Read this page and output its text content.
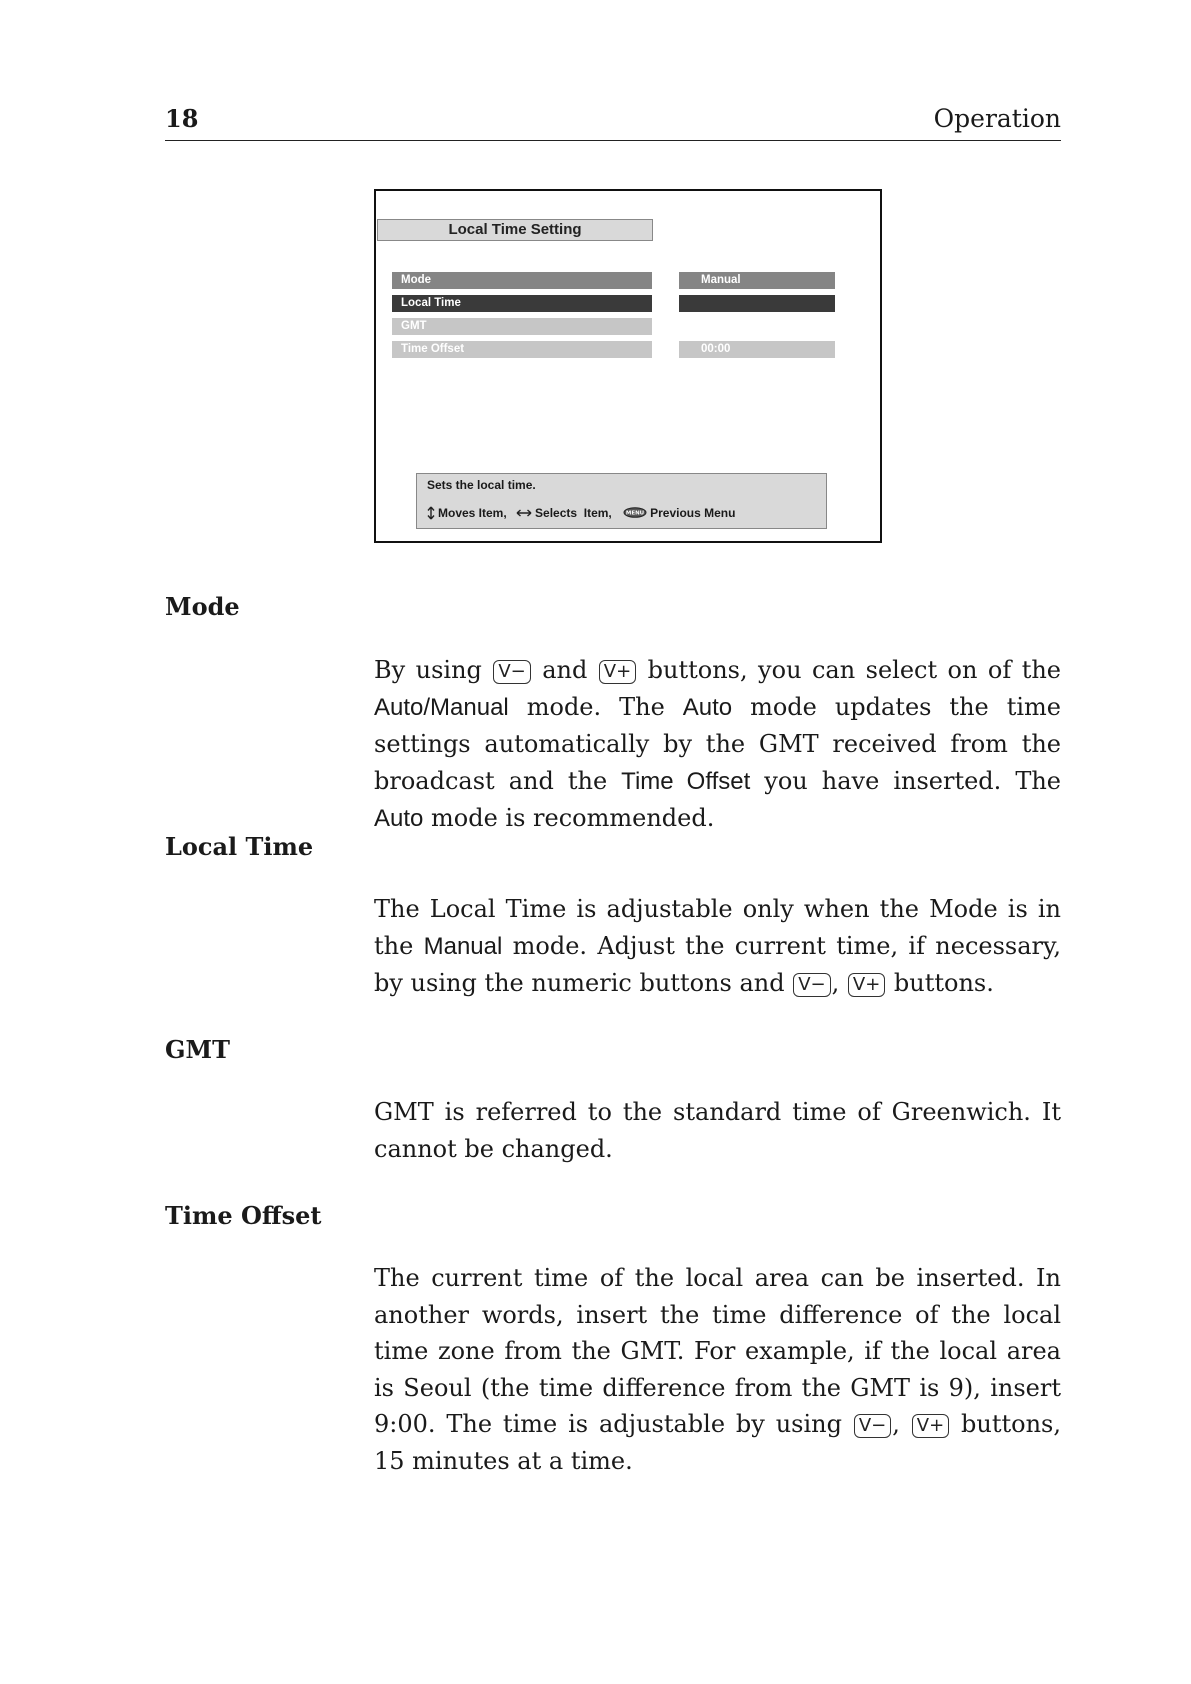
18	Operation
Local Time Setting
Mode
Local Time
GMT
Time Offset
Manual

01/01/2004  03:39

00:00
Sets the local time.
Moves Item, Selects  Item,	MENU Previous Menu
Mode

By using V− and V+ buttons, you can select on of the Auto/Manual mode. The Auto mode updates the time settings automatically by the GMT received from the broadcast and the Time Offset you have inserted. The Auto mode is recommended.

Local Time

The Local Time is adjustable only when the Mode is in the Manual mode. Adjust the current time, if necessary, by using the numeric buttons and V− , V+ buttons.

GMT

GMT is referred to the standard time of Greenwich. It cannot be changed.

Time Offset

The current time of the local area can be inserted. In another words, insert the time difference of the local time zone from the GMT. For example, if the local area is Seoul (the time difference from the GMT is 9), insert 9:00. The time is adjustable by using V− , V+ buttons, 15 minutes at a time.
